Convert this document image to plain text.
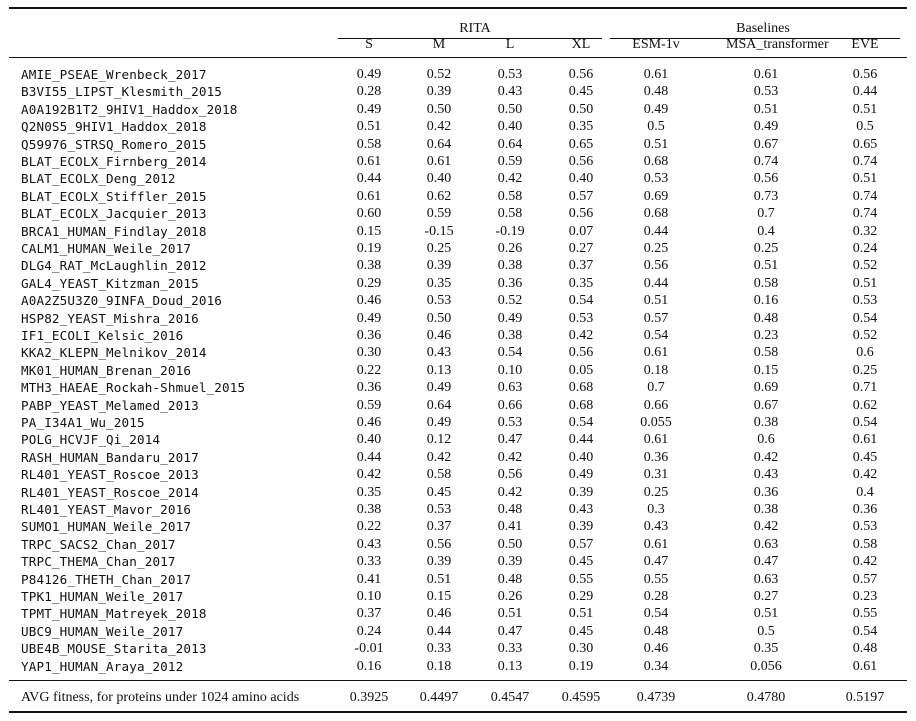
RITA	Baselines
S	M	L	XL	ESM-1v	MSA_transformer	EVE
AMIE_PSEAE_Wrenbeck_2017	0.49	0.52	0.53	0.56	0.61	0.61	0.56
B3VI55_LIPST_Klesmith_2015	0.28	0.39	0.43	0.45	0.48	0.53	0.44
A0A192B1T2_9HIV1_Haddox_2018	0.49	0.50	0.50	0.50	0.49	0.51	0.51
Q2N0S5_9HIV1_Haddox_2018	0.51	0.42	0.40	0.35	0.5	0.49	0.5
Q59976_STRSQ_Romero_2015	0.58	0.64	0.64	0.65	0.51	0.67	0.65
BLAT_ECOLX_Firnberg_2014	0.61	0.61	0.59	0.56	0.68	0.74	0.74
BLAT_ECOLX_Deng_2012	0.44	0.40	0.42	0.40	0.53	0.56	0.51
BLAT_ECOLX_Stiffler_2015	0.61	0.62	0.58	0.57	0.69	0.73	0.74
BLAT_ECOLX_Jacquier_2013	0.60	0.59	0.58	0.56	0.68	0.7	0.74
BRCA1_HUMAN_Findlay_2018	0.15	-0.15	-0.19	0.07	0.44	0.4	0.32
CALM1_HUMAN_Weile_2017	0.19	0.25	0.26	0.27	0.25	0.25	0.24
DLG4_RAT_McLaughlin_2012	0.38	0.39	0.38	0.37	0.56	0.51	0.52
GAL4_YEAST_Kitzman_2015	0.29	0.35	0.36	0.35	0.44	0.58	0.51
A0A2Z5U3Z0_9INFA_Doud_2016	0.46	0.53	0.52	0.54	0.51	0.16	0.53
HSP82_YEAST_Mishra_2016	0.49	0.50	0.49	0.53	0.57	0.48	0.54
IF1_ECOLI_Kelsic_2016	0.36	0.46	0.38	0.42	0.54	0.23	0.52
KKA2_KLEPN_Melnikov_2014	0.30	0.43	0.54	0.56	0.61	0.58	0.6
MK01_HUMAN_Brenan_2016	0.22	0.13	0.10	0.05	0.18	0.15	0.25
MTH3_HAEAE_Rockah-Shmuel_2015	0.36	0.49	0.63	0.68	0.7	0.69	0.71
PABP_YEAST_Melamed_2013	0.59	0.64	0.66	0.68	0.66	0.67	0.62
PA_I34A1_Wu_2015	0.46	0.49	0.53	0.54	0.055	0.38	0.54
POLG_HCVJF_Qi_2014	0.40	0.12	0.47	0.44	0.61	0.6	0.61
RASH_HUMAN_Bandaru_2017	0.44	0.42	0.42	0.40	0.36	0.42	0.45
RL401_YEAST_Roscoe_2013	0.42	0.58	0.56	0.49	0.31	0.43	0.42
RL401_YEAST_Roscoe_2014	0.35	0.45	0.42	0.39	0.25	0.36	0.4
RL401_YEAST_Mavor_2016	0.38	0.53	0.48	0.43	0.3	0.38	0.36
SUMO1_HUMAN_Weile_2017	0.22	0.37	0.41	0.39	0.43	0.42	0.53
TRPC_SACS2_Chan_2017	0.43	0.56	0.50	0.57	0.61	0.63	0.58
TRPC_THEMA_Chan_2017	0.33	0.39	0.39	0.45	0.47	0.47	0.42
P84126_THETH_Chan_2017	0.41	0.51	0.48	0.55	0.55	0.63	0.57
TPK1_HUMAN_Weile_2017	0.10	0.15	0.26	0.29	0.28	0.27	0.23
TPMT_HUMAN_Matreyek_2018	0.37	0.46	0.51	0.51	0.54	0.51	0.55
UBC9_HUMAN_Weile_2017	0.24	0.44	0.47	0.45	0.48	0.5	0.54
UBE4B_MOUSE_Starita_2013	-0.01	0.33	0.33	0.30	0.46	0.35	0.48
YAP1_HUMAN_Araya_2012	0.16	0.18	0.13	0.19	0.34	0.056	0.61
AVG fitness, for proteins under 1024 amino acids	0.3925	0.4497	0.4547	0.4595	0.4739	0.4780	0.5197
